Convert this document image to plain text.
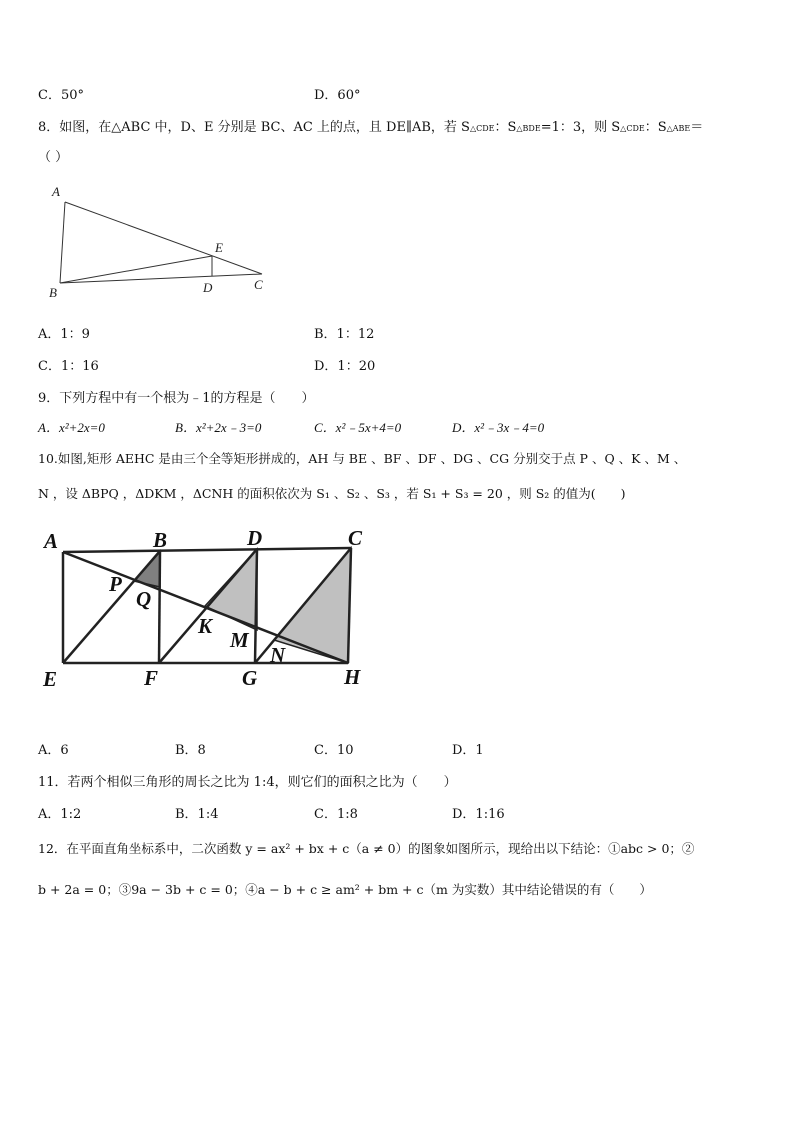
C．50°	D．60°
8．如图，在△ABC 中，D、E 分别是 BC、AC 上的点，且 DE∥AB，若 S△CDE：S△BDE=1：3，则 S△CDE：S△ABE＝
（ ）
A
B
C
D
E
A．1：9	B．1：12
C．1：16	D．1：20
9．下列方程中有一个根为﹣1的方程是（　　）
A．x²+2x=0	B．x²+2x﹣3=0	C．x²﹣5x+4=0	D．x²﹣3x﹣4=0
10.如图,矩形 AEHC 是由三个全等矩形拼成的，AH 与 BE 、BF 、DF 、DG 、CG 分别交于点 P 、Q 、K 、M 、
N ，设 ΔBPQ ，ΔDKM ，ΔCNH 的面积依次为 S₁ 、S₂ 、S₃ ，若 S₁ + S₃ = 20 ，则 S₂ 的值为(　　)
A	B	D	C
E	F	G	H
P
Q
K
M
N
A．6	B．8	C．10	D．1
11．若两个相似三角形的周长之比为 1:4，则它们的面积之比为（　　）
A．1:2	B．1:4	C．1:8	D．1:16
12．在平面直角坐标系中，二次函数 y = ax² + bx + c（a ≠ 0）的图象如图所示，现给出以下结论：①abc > 0；②
b + 2a = 0；③9a − 3b + c = 0；④a − b + c ≥ am² + bm + c（m 为实数）其中结论错误的有（　　）
